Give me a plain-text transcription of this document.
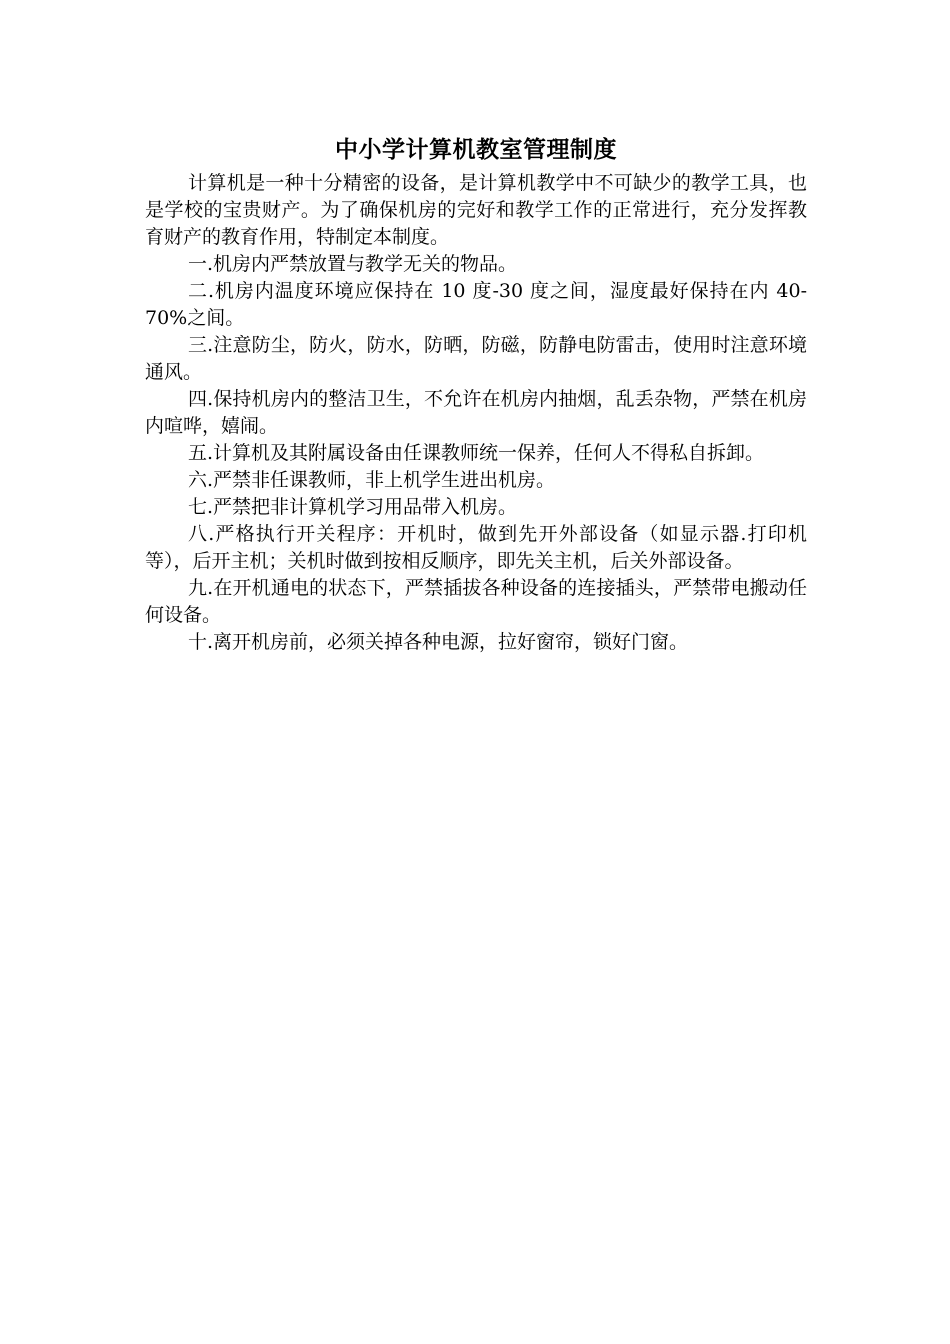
中小学计算机教室管理制度

计算机是一种十分精密的设备，是计算机教学中不可缺少的教学工具，也是学校的宝贵财产。为了确保机房的完好和教学工作的正常进行，充分发挥教育财产的教育作用，特制定本制度。

一.机房内严禁放置与教学无关的物品。

二.机房内温度环境应保持在 10 度-30 度之间，湿度最好保持在内 40-70%之间。

三.注意防尘，防火，防水，防晒，防磁，防静电防雷击，使用时注意环境通风。

四.保持机房内的整洁卫生，不允许在机房内抽烟，乱丢杂物，严禁在机房内喧哗，嬉闹。

五.计算机及其附属设备由任课教师统一保养，任何人不得私自拆卸。

六.严禁非任课教师，非上机学生进出机房。

七.严禁把非计算机学习用品带入机房。

八.严格执行开关程序：开机时，做到先开外部设备（如显示器.打印机等），后开主机；关机时做到按相反顺序，即先关主机，后关外部设备。

九.在开机通电的状态下，严禁插拔各种设备的连接插头，严禁带电搬动任何设备。

十.离开机房前，必须关掉各种电源，拉好窗帘，锁好门窗。
